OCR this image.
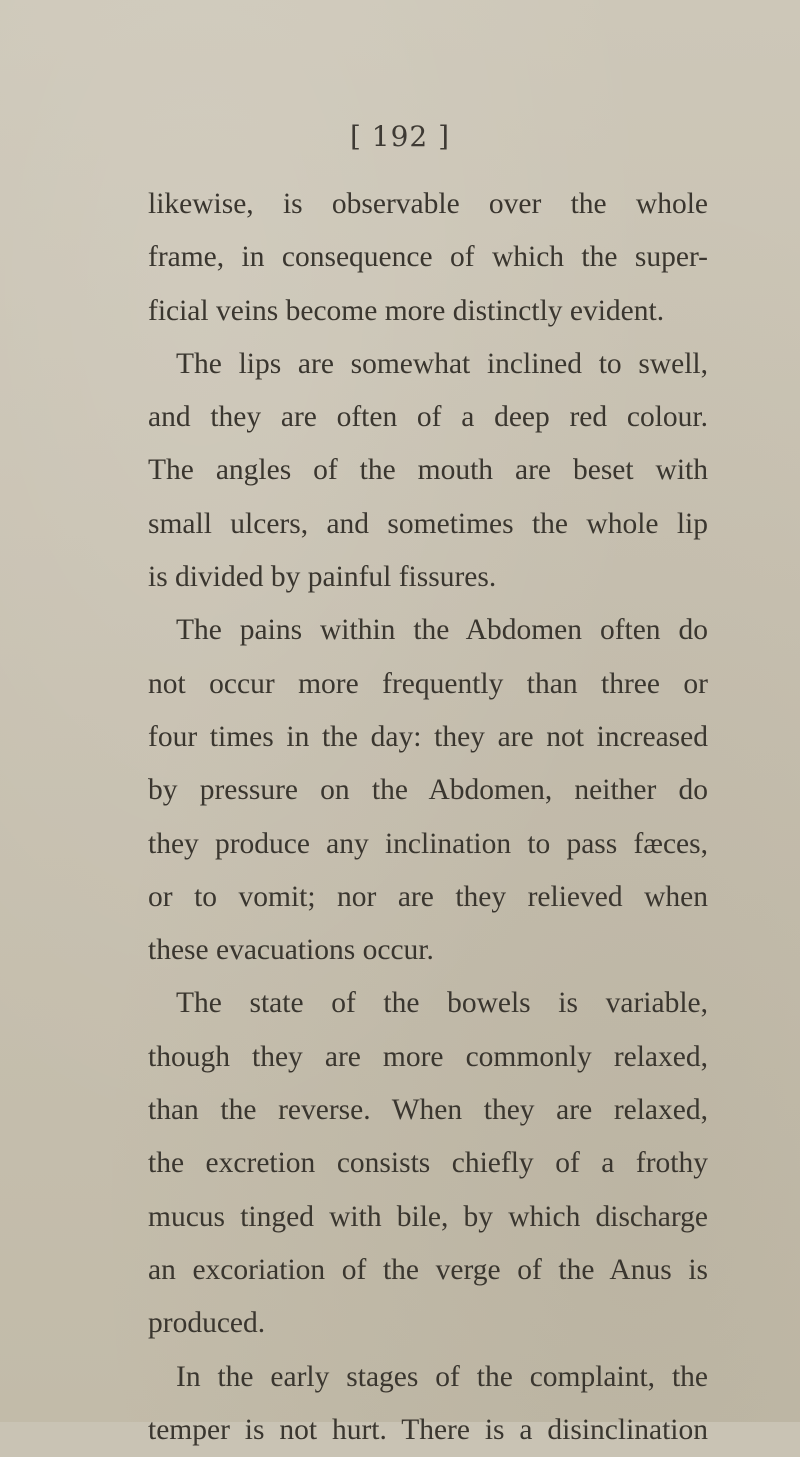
[ 192 ]
likewise, is observable over the whole
frame, in consequence of which the super-
ficial veins become more distinctly evident.
The lips are somewhat inclined to swell,
and they are often of a deep red colour.
The angles of the mouth are beset with
small ulcers, and sometimes the whole lip
is divided by painful fissures.
The pains within the Abdomen often do
not occur more frequently than three or
four times in the day: they are not increased
by pressure on the Abdomen, neither do
they produce any inclination to pass fæces,
or to vomit; nor are they relieved when
these evacuations occur.
The state of the bowels is variable,
though they are more commonly relaxed,
than the reverse. When they are relaxed,
the excretion consists chiefly of a frothy
mucus tinged with bile, by which discharge
an excoriation of the verge of the Anus is
produced.
In the early stages of the complaint, the
temper is not hurt. There is a disinclination
